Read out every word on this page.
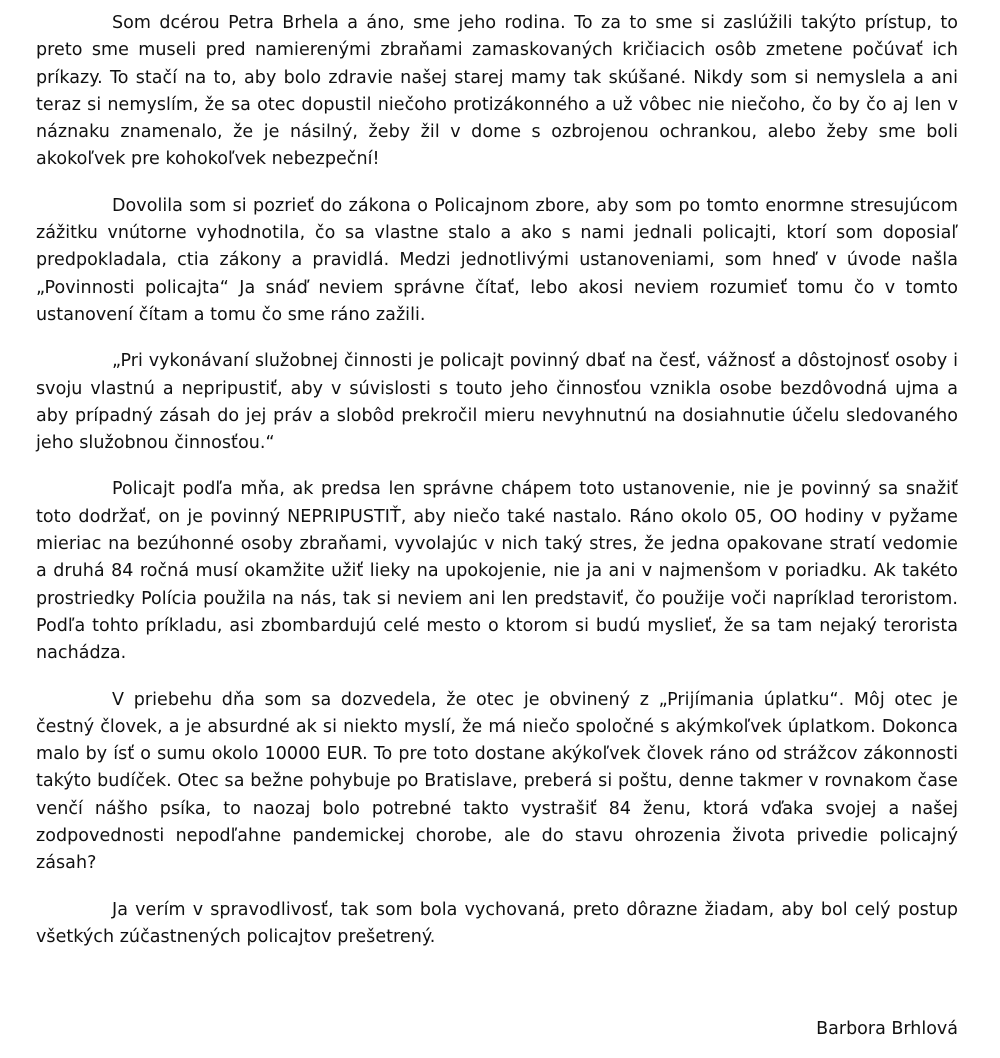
Som dcérou Petra Brhela a áno, sme jeho rodina. To za to sme si zaslúžili takýto prístup, to preto sme museli pred namierenými zbraňami zamaskovaných kričiacich osôb zmetene počúvať ich príkazy. To stačí na to, aby bolo zdravie našej starej mamy tak skúšané. Nikdy som si nemyslela a ani teraz si nemyslím, že sa otec dopustil niečoho protizákonného a už vôbec nie niečoho, čo by čo aj len v náznaku znamenalo, že je násilný, žeby žil v dome s ozbrojenou ochrankou, alebo žeby sme boli akokoľvek pre kohokoľvek nebezpeční!

Dovolila som si pozrieť do zákona o Policajnom zbore, aby som po tomto enormne stresujúcom zážitku vnútorne vyhodnotila, čo sa vlastne stalo a ako s nami jednali policajti, ktorí som doposiaľ predpokladala, ctia zákony a pravidlá. Medzi jednotlivými ustanoveniami, som hneď v úvode našla „Povinnosti policajta“ Ja snáď neviem správne čítať, lebo akosi neviem rozumieť tomu čo v tomto ustanovení čítam a tomu čo sme ráno zažili.

„Pri vykonávaní služobnej činnosti je policajt povinný dbať na česť, vážnosť a dôstojnosť osoby i svoju vlastnú a nepripustiť, aby v súvislosti s touto jeho činnosťou vznikla osobe bezdôvodná ujma a aby prípadný zásah do jej práv a slobôd prekročil mieru nevyhnutnú na dosiahnutie účelu sledovaného jeho služobnou činnosťou.“

Policajt podľa mňa, ak predsa len správne chápem toto ustanovenie, nie je povinný sa snažiť toto dodržať, on je povinný NEPRIPUSTIŤ, aby niečo také nastalo. Ráno okolo 05, OO hodiny v pyžame mieriac na bezúhonné osoby zbraňami, vyvolajúc v nich taký stres, že jedna opakovane stratí vedomie a druhá 84 ročná musí okamžite užiť lieky na upokojenie, nie ja ani v najmenšom v poriadku. Ak takéto prostriedky Polícia použila na nás, tak si neviem ani len predstaviť, čo použije voči napríklad teroristom. Podľa tohto príkladu, asi zbombardujú celé mesto o ktorom si budú myslieť, že sa tam nejaký terorista nachádza.

V priebehu dňa som sa dozvedela, že otec je obvinený z „Prijímania úplatku“. Môj otec je čestný človek, a je absurdné ak si niekto myslí, že má niečo spoločné s akýmkoľvek úplatkom. Dokonca malo by ísť o sumu okolo 10000 EUR. To pre toto dostane akýkoľvek človek ráno od strážcov zákonnosti takýto budíček. Otec sa bežne pohybuje po Bratislave, preberá si poštu, denne takmer v rovnakom čase venčí nášho psíka, to naozaj bolo potrebné takto vystrašiť 84 ženu, ktorá vďaka svojej a našej zodpovednosti nepodľahne pandemickej chorobe, ale do stavu ohrozenia života privedie policajný zásah?

Ja verím v spravodlivosť, tak som bola vychovaná, preto dôrazne žiadam, aby bol celý postup všetkých zúčastnených policajtov prešetrený.

Barbora Brhlová
